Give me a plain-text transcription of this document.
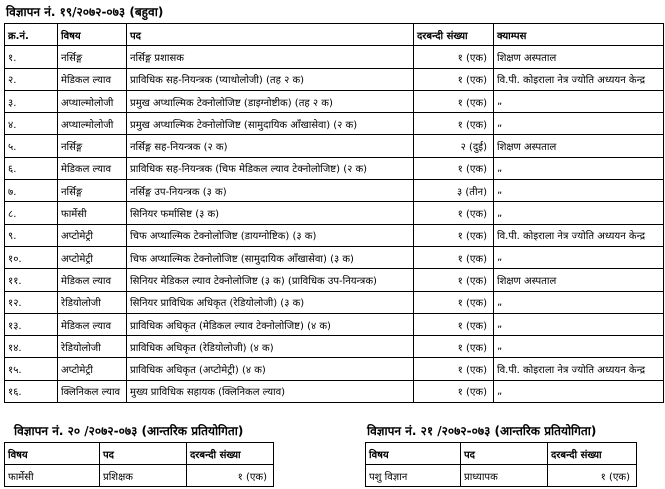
विज्ञापन नं. १९/२०७२-०७३ (बहुवा)
क्र.नं.	विषय	पद	दरबन्दी संख्या	क्याम्पस
१.	नर्सिङ्ग	नर्सिङ्ग प्रशासक	१ (एक)	शिक्षण अस्पताल
२.	मेडिकल ल्याव	प्राविधिक सह-नियन्त्रक (प्याथोलोजी) (तह २ क)	१ (एक)	वि.पी. कोइराला नेत्र ज्योति अध्ययन केन्द्र
३.	अप्थाल्मोलोजी	प्रमुख अप्थाल्मिक टेक्नोलोजिष्ट (डाइग्नोष्टीक) (तह २ क)	१ (एक)	„
४.	अप्थाल्मोलोजी	प्रमुख अप्थाल्मिक टेक्नोलोजिष्ट (सामुदायिक आँखासेवा) (२ क)	१ (एक)	„
५.	नर्सिङ्ग	नर्सिङ्ग सह-नियन्त्रक (२ क)	२ (दुई)	शिक्षण अस्पताल
६.	मेडिकल ल्याव	प्राविधिक सह-नियन्त्रक (चिफ मेडिकल ल्याव टेक्नोलोजिष्ट) (२ क)	१ (एक)	„
७.	नर्सिङ्ग	नर्सिङ्ग उप-नियन्त्रक (३ क)	३ (तीन)	„
८.	फार्मेसी	सिनियर फर्मासिष्ट (३ क)	१ (एक)	„
९.	अप्टोमेट्री	चिफ अप्थाल्मिक टेक्नोलोजिष्ट (डायग्नोष्टिक) (३ क)	१ (एक)	वि.पी. कोइराला नेत्र ज्योति अध्ययन केन्द्र
१०.	अप्टोमेट्री	चिफ अप्थाल्मिक टेक्नोलोजिष्ट (सामुदायिक आँखासेवा) (३ क)	१ (एक)	„
११.	मेडिकल ल्याव	सिनियर मेडिकल ल्याव टेक्नोलोजिष्ट (३ क) (प्राविधिक उप-नियन्त्रक)	१ (एक)	शिक्षण अस्पताल
१२.	रेडियोलोजी	सिनियर प्राविधिक अधिकृत (रेडियोलोजी) (३ क)	१ (एक)	„
१३.	मेडिकल ल्याव	प्राविधिक अधिकृत (मेडिकल ल्याव टेक्नोलोजिष्ट) (४ क)	१ (एक)	„
१४.	रेडियोलोजी	प्राविधिक अधिकृत (रेडियोलोजी) (४ क)	१ (एक)	„
१५.	अप्टोमेट्री	प्राविधिक अधिकृत (अप्टोमेट्री) (४ क)	१ (एक)	वि.पी. कोइराला नेत्र ज्योति अध्ययन केन्द्र
१६.	क्लिनिकल ल्याव	मुख्य प्राविधिक सहायक (क्लिनिकल ल्याव)	१ (एक)	„
विज्ञापन नं. २० /२०७२-०७३ (आन्तरिक प्रतियोगिता)
विषय	पद	दरबन्दी संख्या
फार्मेसी	प्रशिक्षक	१ (एक)
विज्ञापन नं. २१ /२०७२-०७३ (आन्तरिक प्रतियोगिता)
विषय	पद	दरबन्दी संख्या
पशु विज्ञान	प्राध्यापक	१ (एक)
